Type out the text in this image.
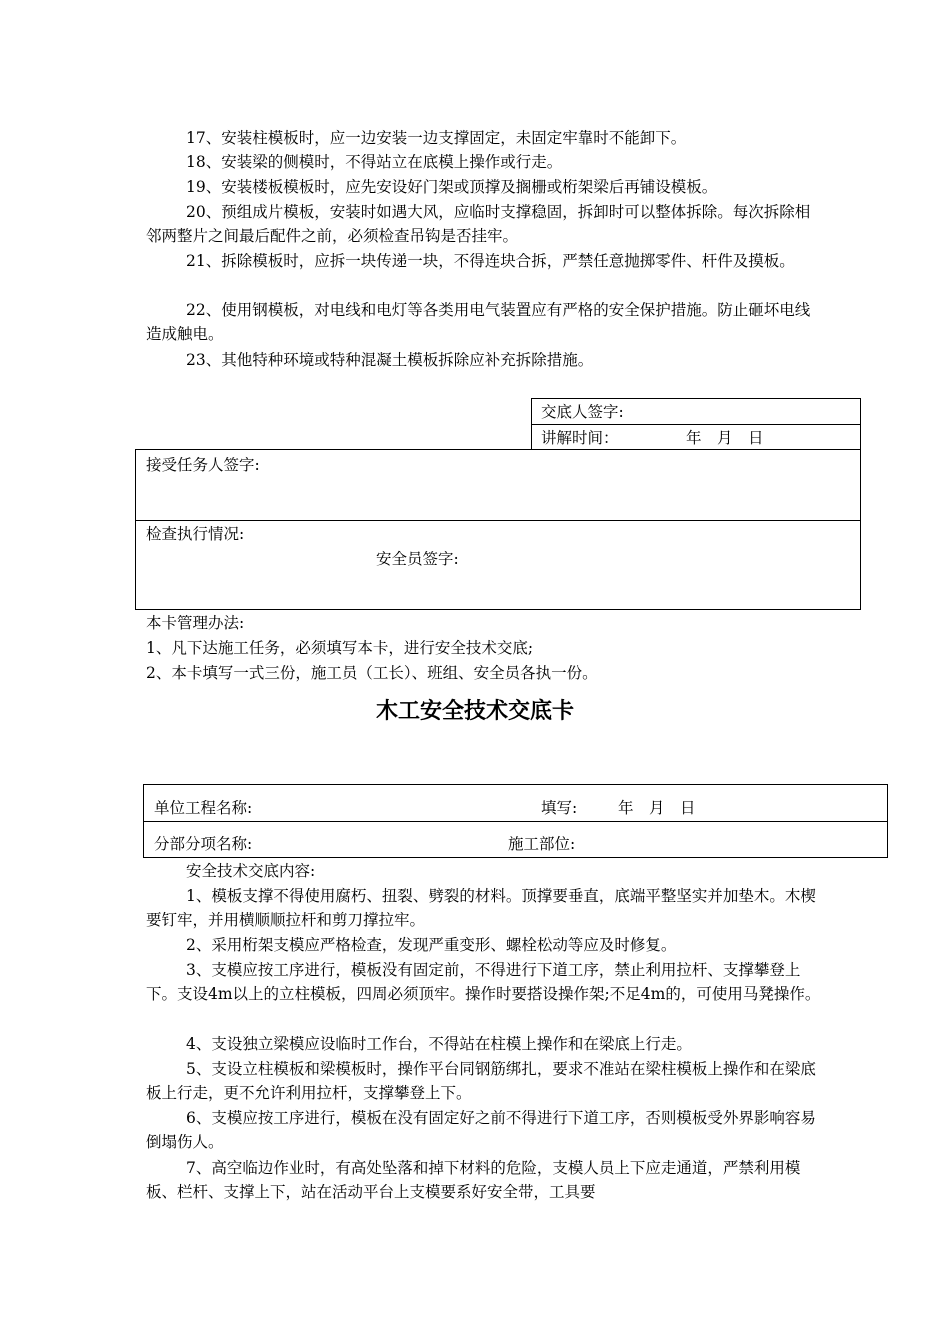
17、安装柱模板时，应一边安装一边支撑固定，未固定牢靠时不能卸下。

18、安装梁的侧模时，不得站立在底模上操作或行走。

19、安装楼板模板时，应先安设好门架或顶撑及搁栅或桁架梁后再铺设模板。

20、预组成片模板，安装时如遇大风，应临时支撑稳固，拆卸时可以整体拆除。每次拆除相邻两整片之间最后配件之前，必须检查吊钩是否挂牢。

21、拆除模板时，应拆一块传递一块，不得连块合拆，严禁任意抛掷零件、杆件及摸板。

22、使用钢模板，对电线和电灯等各类用电气装置应有严格的安全保护措施。防止砸坏电线造成触电。

23、其他特种环境或特种混凝土模板拆除应补充拆除措施。

交底人签字:
讲解时间：	年　月　日
接受任务人签字:
检查执行情况:
安全员签字:
本卡管理办法:
1、凡下达施工任务，必须填写本卡，进行安全技术交底;
2、本卡填写一式三份，施工员（工长）、班组、安全员各执一份。
木工安全技术交底卡
单位工程名称:	填写:	年　月　日
分部分项名称:	施工部位:
安全技术交底内容:

1、模板支撑不得使用腐朽、扭裂、劈裂的材料。顶撑要垂直，底端平整坚实并加垫木。木楔要钉牢，并用横顺顺拉杆和剪刀撑拉牢。

2、采用桁架支模应严格检查，发现严重变形、螺栓松动等应及时修复。

3、支模应按工序进行，模板没有固定前，不得进行下道工序，禁止利用拉杆、支撑攀登上下。支设4m以上的立柱模板，四周必须顶牢。操作时要搭设操作架;不足4m的，可使用马凳操作。

4、支设独立梁模应设临时工作台，不得站在柱模上操作和在梁底上行走。

5、支设立柱模板和梁模板时，操作平台同钢筋绑扎，要求不准站在梁柱模板上操作和在梁底板上行走，更不允许利用拉杆，支撑攀登上下。

6、支模应按工序进行，模板在没有固定好之前不得进行下道工序，否则模板受外界影响容易倒塌伤人。

7、高空临边作业时，有高处坠落和掉下材料的危险，支模人员上下应走通道，严禁利用模板、栏杆、支撑上下，站在活动平台上支模要系好安全带，工具要
